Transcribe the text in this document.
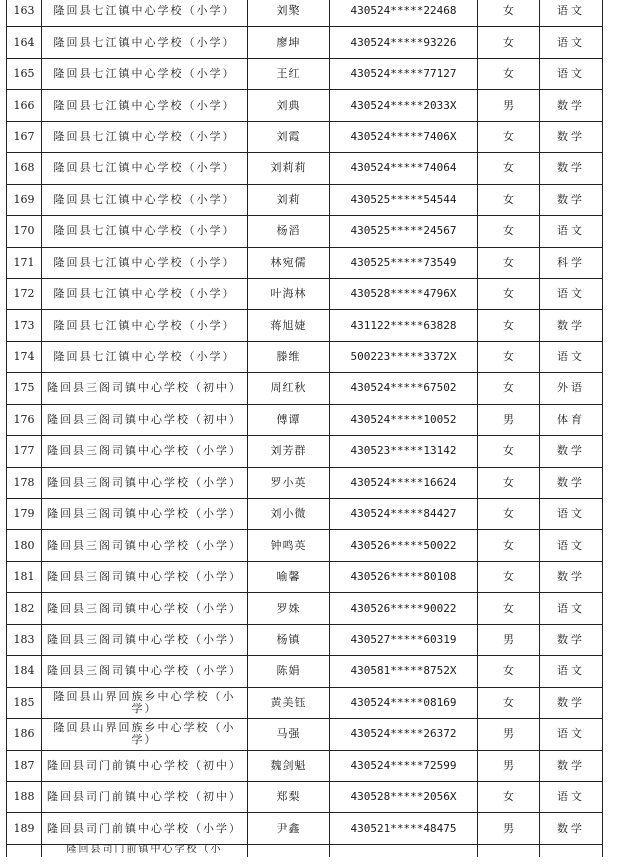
163	隆回县七江镇中心学校（小学）	刘檠	430524*****22468	女	语文
164	隆回县七江镇中心学校（小学）	廖坤	430524*****93226	女	语文
165	隆回县七江镇中心学校（小学）	王红	430524*****77127	女	语文
166	隆回县七江镇中心学校（小学）	刘典	430524*****2033X	男	数学
167	隆回县七江镇中心学校（小学）	刘霞	430524*****7406X	女	数学
168	隆回县七江镇中心学校（小学）	刘莉莉	430524*****74064	女	数学
169	隆回县七江镇中心学校（小学）	刘莉	430525*****54544	女	数学
170	隆回县七江镇中心学校（小学）	杨滔	430525*****24567	女	语文
171	隆回县七江镇中心学校（小学）	林宛儒	430525*****73549	女	科学
172	隆回县七江镇中心学校（小学）	叶海林	430528*****4796X	女	语文
173	隆回县七江镇中心学校（小学）	蒋旭婕	431122*****63828	女	数学
174	隆回县七江镇中心学校（小学）	滕维	500223*****3372X	女	语文
175	隆回县三阁司镇中心学校（初中）	周红秋	430524*****67502	女	外语
176	隆回县三阁司镇中心学校（初中）	傅谭	430524*****10052	男	体育
177	隆回县三阁司镇中心学校（小学）	刘芳群	430523*****13142	女	数学
178	隆回县三阁司镇中心学校（小学）	罗小英	430524*****16624	女	数学
179	隆回县三阁司镇中心学校（小学）	刘小微	430524*****84427	女	语文
180	隆回县三阁司镇中心学校（小学）	钟鸣英	430526*****50022	女	语文
181	隆回县三阁司镇中心学校（小学）	喻馨	430526*****80108	女	数学
182	隆回县三阁司镇中心学校（小学）	罗姝	430526*****90022	女	语文
183	隆回县三阁司镇中心学校（小学）	杨镇	430527*****60319	男	数学
184	隆回县三阁司镇中心学校（小学）	陈娟	430581*****8752X	女	语文
185	隆回县山界回族乡中心学校（小学）	黄美钰	430524*****08169	女	数学
186	隆回县山界回族乡中心学校（小学）	马强	430524*****26372	男	语文
187	隆回县司门前镇中心学校（初中）	魏剑魁	430524*****72599	男	数学
188	隆回县司门前镇中心学校（初中）	郑梨	430528*****2056X	女	语文
189	隆回县司门前镇中心学校（小学）	尹鑫	430521*****48475	男	数学
隆回县司门前镇中心学校（小
